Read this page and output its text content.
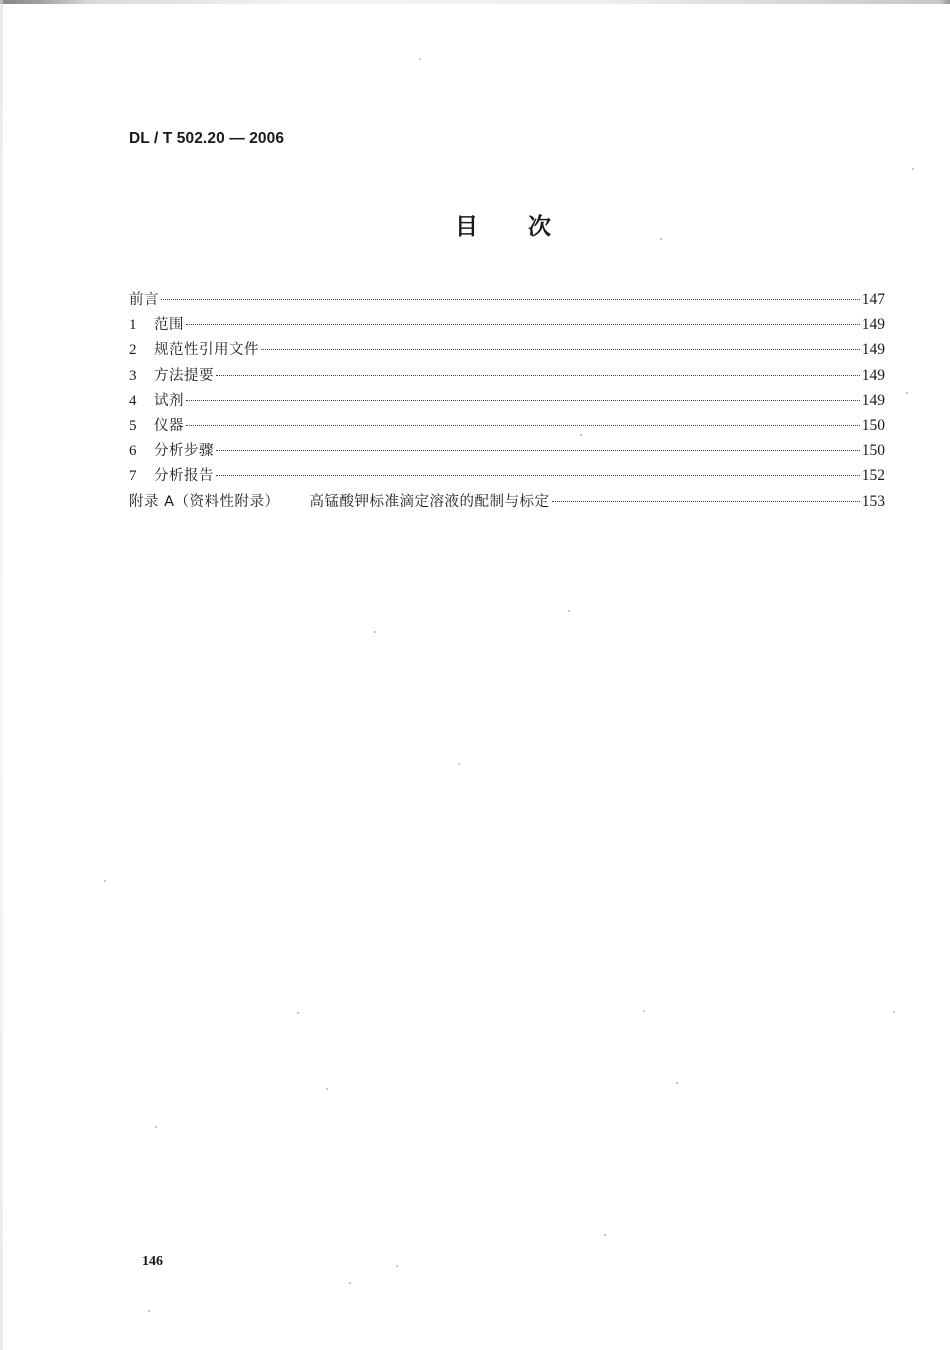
DL / T 502.20 — 2006
目 次
前言	147
1	范围	149
2	规范性引用文件	149
3	方法提要	149
4	试剂	149
5	仪器	150
6	分析步骤	150
7	分析报告	152
附录 A（资料性附录） 高锰酸钾标准滴定溶液的配制与标定	153
146
